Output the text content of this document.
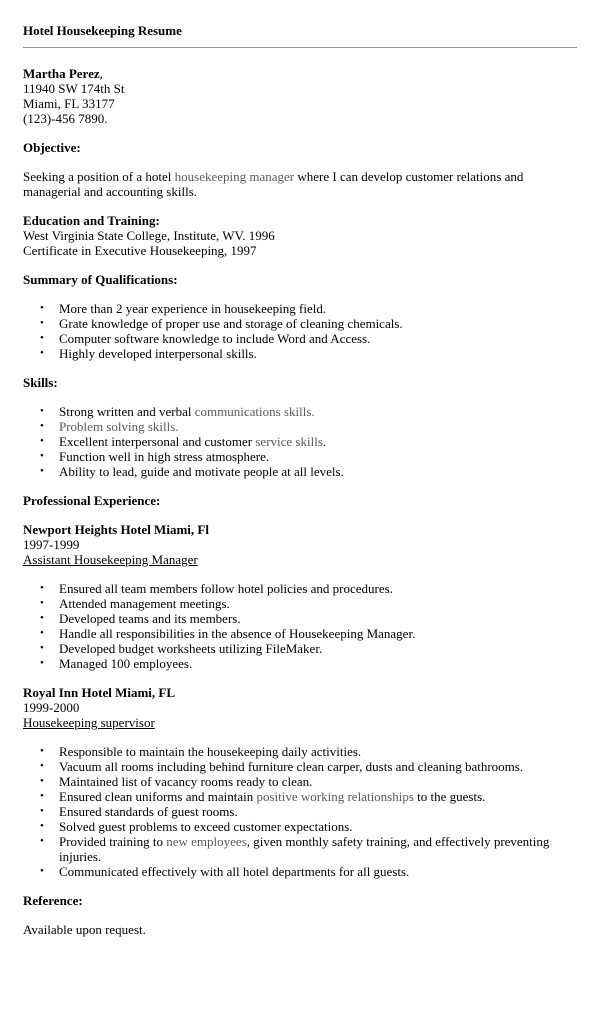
Hotel Housekeeping Resume
Martha Perez,
11940 SW 174th St
Miami, FL 33177
(123)-456 7890.
Objective:

Seeking a position of a hotel housekeeping manager where I can develop customer relations and managerial and accounting skills.

Education and Training:
West Virginia State College, Institute, WV. 1996
Certificate in Executive Housekeeping, 1997
Summary of Qualifications:
• More than 2 year experience in housekeeping field.
• Grate knowledge of proper use and storage of cleaning chemicals.
• Computer software knowledge to include Word and Access.
• Highly developed interpersonal skills.
Skills:
• Strong written and verbal communications skills.
• Problem solving skills.
• Excellent interpersonal and customer service skills.
• Function well in high stress atmosphere.
• Ability to lead, guide and motivate people at all levels.
Professional Experience:
Newport Heights Hotel Miami, Fl
1997-1999
Assistant Housekeeping Manager
• Ensured all team members follow hotel policies and procedures.
• Attended management meetings.
• Developed teams and its members.
• Handle all responsibilities in the absence of Housekeeping Manager.
• Developed budget worksheets utilizing FileMaker.
• Managed 100 employees.
Royal Inn Hotel Miami, FL
1999-2000
Housekeeping supervisor
• Responsible to maintain the housekeeping daily activities.
• Vacuum all rooms including behind furniture clean carper, dusts and cleaning bathrooms.
• Maintained list of vacancy rooms ready to clean.
• Ensured clean uniforms and maintain positive working relationships to the guests.
• Ensured standards of guest rooms.
• Solved guest problems to exceed customer expectations.
• Provided training to new employees, given monthly safety training, and effectively preventing injuries.
• Communicated effectively with all hotel departments for all guests.
Reference:
Available upon request.
